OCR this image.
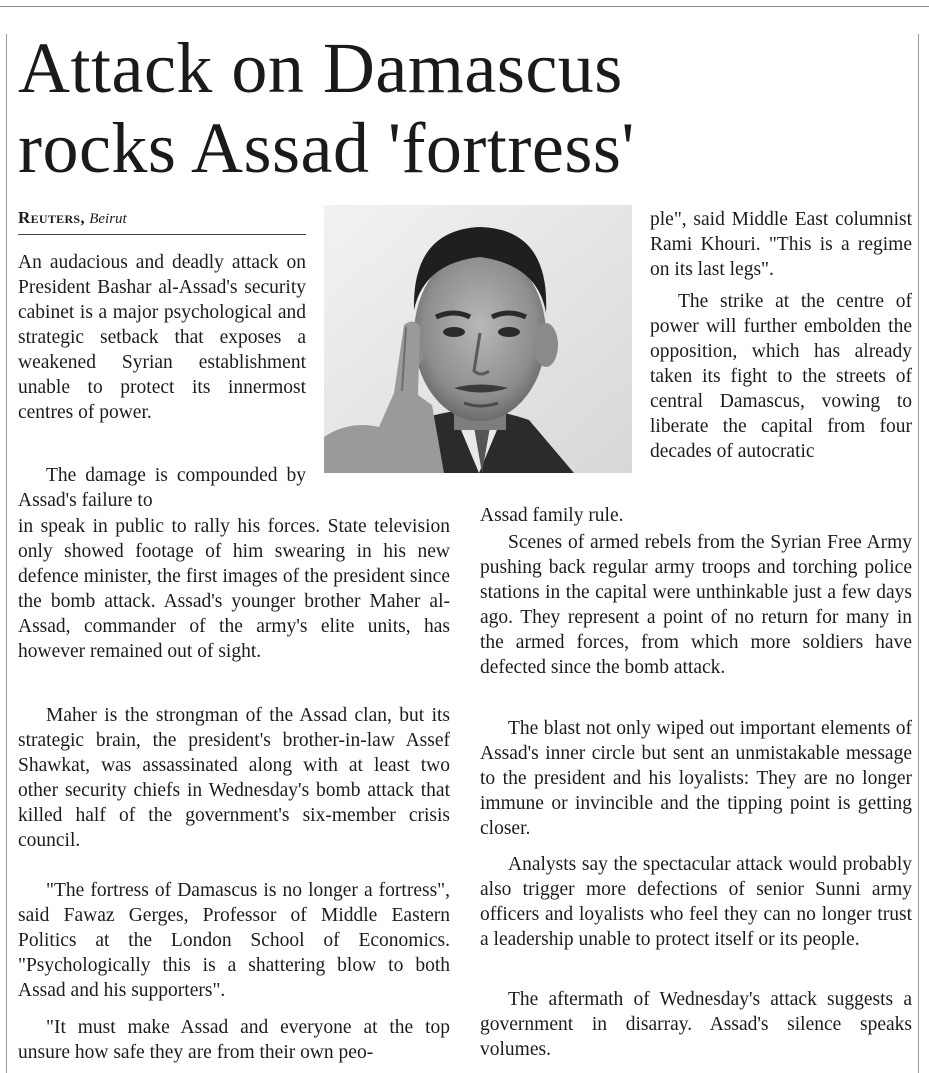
Attack on Damascus
rocks Assad 'fortress'
Reuters, Beirut

An audacious and deadly attack on President Bashar al-Assad's security cabinet is a major psychological and strategic setback that exposes a weakened Syrian establishment unable to protect its innermost centres of power.

The damage is compounded by Assad's failure to

in speak in public to rally his forces. State television only showed footage of him swearing in his new defence minister, the first images of the president since the bomb attack. Assad's younger brother Maher al-Assad, commander of the army's elite units, has however remained out of sight.

Maher is the strongman of the Assad clan, but its strategic brain, the president's brother-in-law Assef Shawkat, was assassinated along with at least two other security chiefs in Wednesday's bomb attack that killed half of the government's six-member crisis council.

"The fortress of Damascus is no longer a fortress", said Fawaz Gerges, Professor of Middle Eastern Politics at the London School of Economics. "Psychologically this is a shattering blow to both Assad and his supporters".

"It must make Assad and everyone at the top unsure how safe they are from their own peo-

ple", said Middle East columnist Rami Khouri. "This is a regime on its last legs".

The strike at the centre of power will further embolden the opposition, which has already taken its fight to the streets of central Damascus, vowing to liberate the capital from four decades of autocratic

Assad family rule.

Scenes of armed rebels from the Syrian Free Army pushing back regular army troops and torching police stations in the capital were unthinkable just a few days ago. They represent a point of no return for many in the armed forces, from which more soldiers have defected since the bomb attack.

The blast not only wiped out important elements of Assad's inner circle but sent an unmistakable message to the president and his loyalists: They are no longer immune or invincible and the tipping point is getting closer.

Analysts say the spectacular attack would probably also trigger more defections of senior Sunni army officers and loyalists who feel they can no longer trust a leadership unable to protect itself or its people.

The aftermath of Wednesday's attack suggests a government in disarray. Assad's silence speaks volumes.
